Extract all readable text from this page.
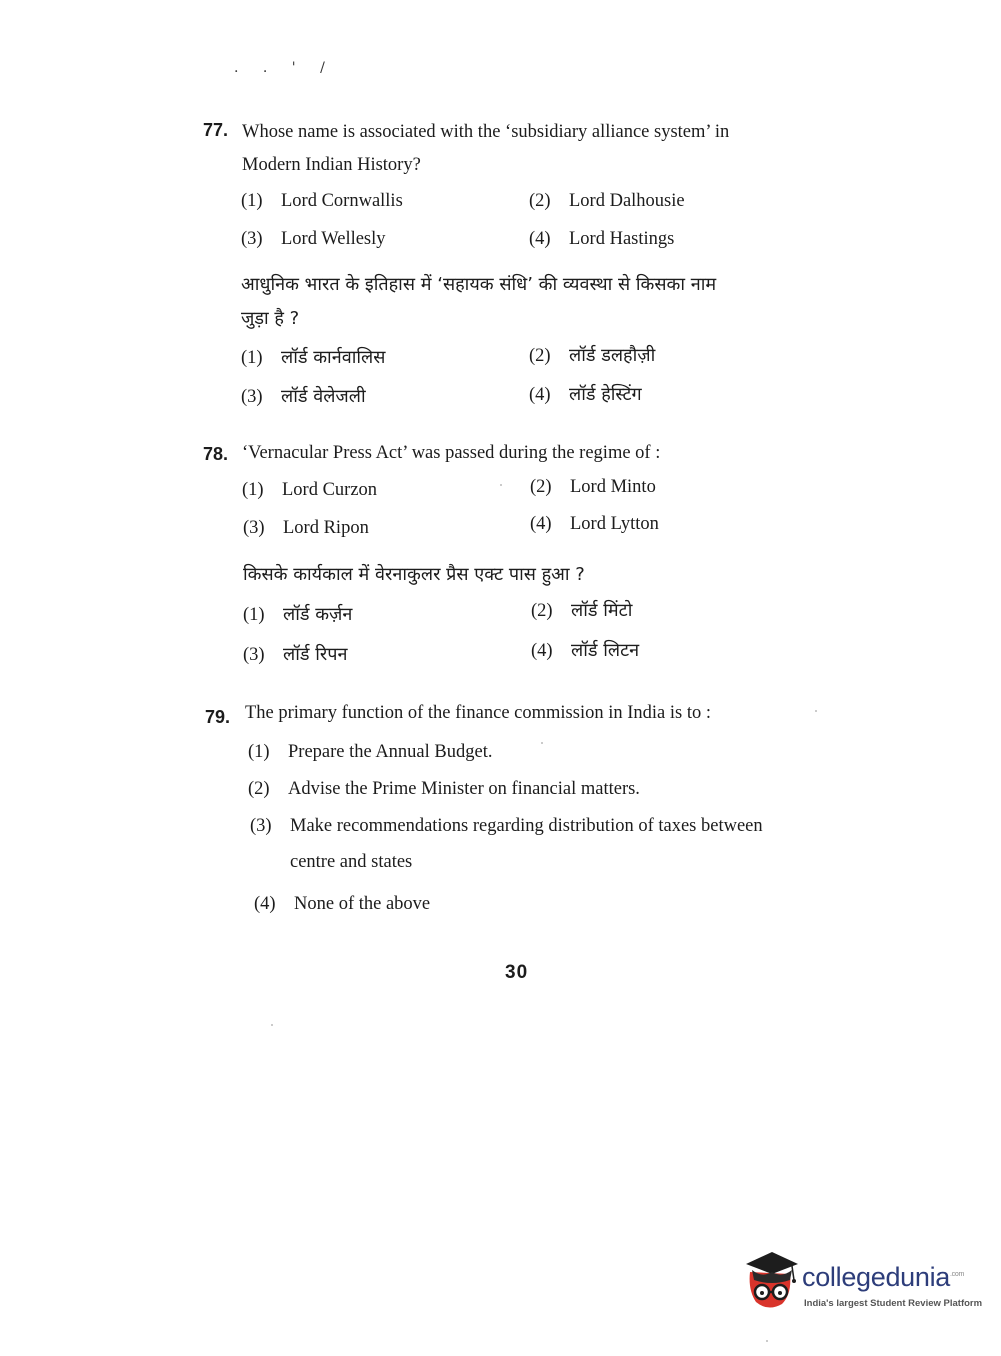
. . ' /
77. Whose name is associated with the ‘subsidiary alliance system’ in
Modern Indian History?
(1) Lord Cornwallis	(2) Lord Dalhousie
(3) Lord Wellesly	(4) Lord Hastings
आधुनिक भारत के इतिहास में ‘सहायक संधि’ की व्यवस्था से किसका नाम
जुड़ा है ?
(1) लॉर्ड कार्नवालिस	(2) लॉर्ड डलहौज़ी
(3) लॉर्ड वेलेजली	(4) लॉर्ड हेस्टिंग
78. ‘Vernacular Press Act’ was passed during the regime of :
(1) Lord Curzon	(2) Lord Minto
(3) Lord Ripon	(4) Lord Lytton
किसके कार्यकाल में वेरनाकुलर प्रैस एक्ट पास हुआ ?
(1) लॉर्ड कर्ज़न	(2) लॉर्ड मिंटो
(3) लॉर्ड रिपन	(4) लॉर्ड लिटन
79. The primary function of the finance commission in India is to :
(1) Prepare the Annual Budget.
(2) Advise the Prime Minister on financial matters.
(3) Make recommendations regarding distribution of taxes between
centre and states
(4) None of the above
30
collegedunia$^{.com}$
India's largest Student Review Platform
